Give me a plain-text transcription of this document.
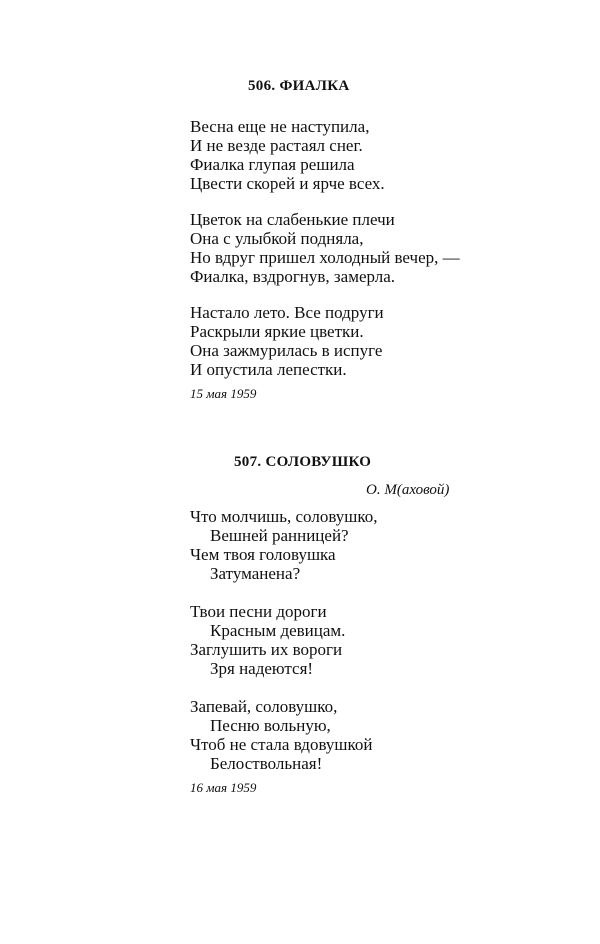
506. ФИАЛКА
Весна еще не наступила,
И не везде растаял снег.
Фиалка глупая решила
Цвести скорей и ярче всех.
Цветок на слабенькие плечи
Она с улыбкой подняла,
Но вдруг пришел холодный вечер, —
Фиалка, вздрогнув, замерла.
Настало лето. Все подруги
Раскрыли яркие цветки.
Она зажмурилась в испуге
И опустила лепестки.
15 мая 1959
507. СОЛОВУШКО
О. М(аховой)
Что молчишь, соловушко,
Вешней ранницей?
Чем твоя головушка
Затуманена?
Твои песни дороги
Красным девицам.
Заглушить их вороги
Зря надеются!
Запевай, соловушко,
Песню вольную,
Чтоб не стала вдовушкой
Белоствольная!
16 мая 1959
